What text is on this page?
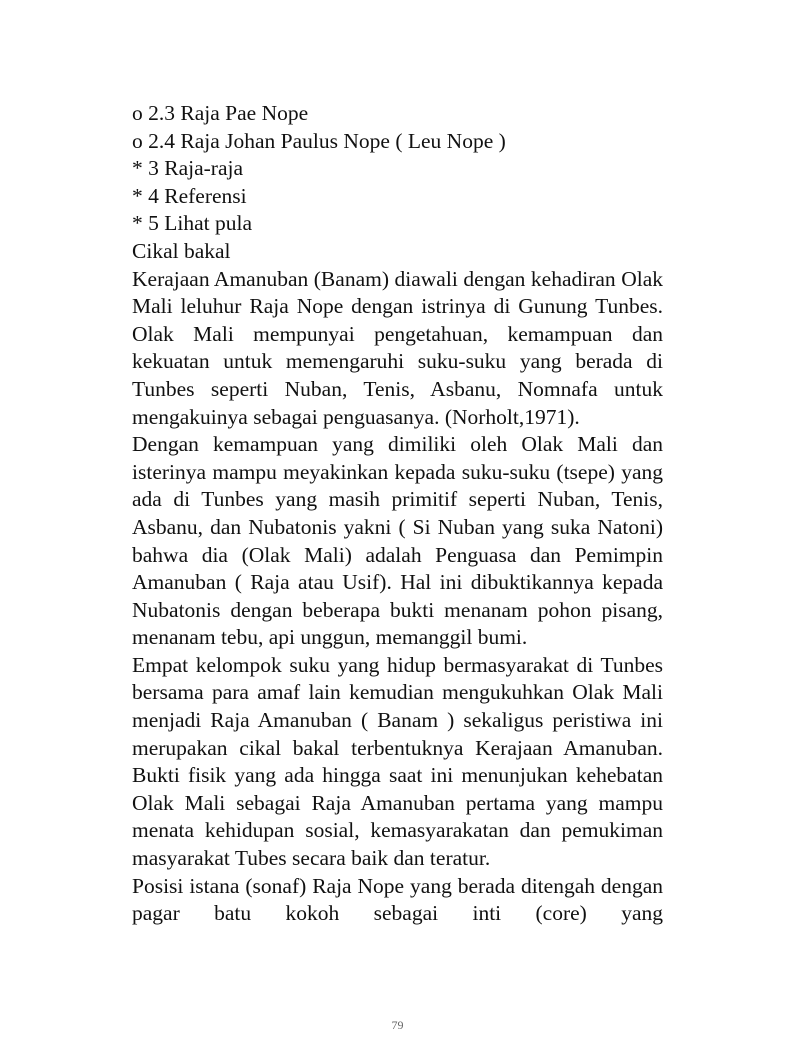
o 2.3 Raja Pae Nope
o 2.4 Raja Johan Paulus Nope ( Leu Nope )
* 3 Raja-raja
* 4 Referensi
* 5 Lihat pula
Cikal bakal

Kerajaan Amanuban (Banam) diawali dengan kehadiran Olak Mali leluhur Raja Nope dengan istrinya di Gunung Tunbes. Olak Mali mempunyai pengetahuan, kemampuan dan kekuatan untuk memengaruhi suku-suku yang berada di Tunbes seperti Nuban, Tenis, Asbanu, Nomnafa untuk mengakuinya sebagai penguasanya. (Norholt,1971).

Dengan kemampuan yang dimiliki oleh Olak Mali dan isterinya mampu meyakinkan kepada suku-suku (tsepe) yang ada di Tunbes yang masih primitif seperti Nuban, Tenis, Asbanu, dan Nubatonis yakni ( Si Nuban yang suka Natoni) bahwa dia (Olak Mali) adalah Penguasa dan Pemimpin Amanuban ( Raja atau Usif). Hal ini dibuktikannya kepada Nubatonis dengan beberapa bukti menanam pohon pisang, menanam tebu, api unggun, memanggil bumi.

Empat kelompok suku yang hidup bermasyarakat di Tunbes bersama para amaf lain kemudian mengukuhkan Olak Mali menjadi Raja Amanuban ( Banam ) sekaligus peristiwa ini merupakan cikal bakal terbentuknya Kerajaan Amanuban. Bukti fisik yang ada hingga saat ini menunjukan kehebatan Olak Mali sebagai Raja Amanuban pertama yang mampu menata kehidupan sosial, kemasyarakatan dan pemukiman masyarakat Tubes secara baik dan teratur.

Posisi istana (sonaf) Raja Nope yang berada ditengah dengan pagar batu kokoh sebagai inti (core) yang

79
